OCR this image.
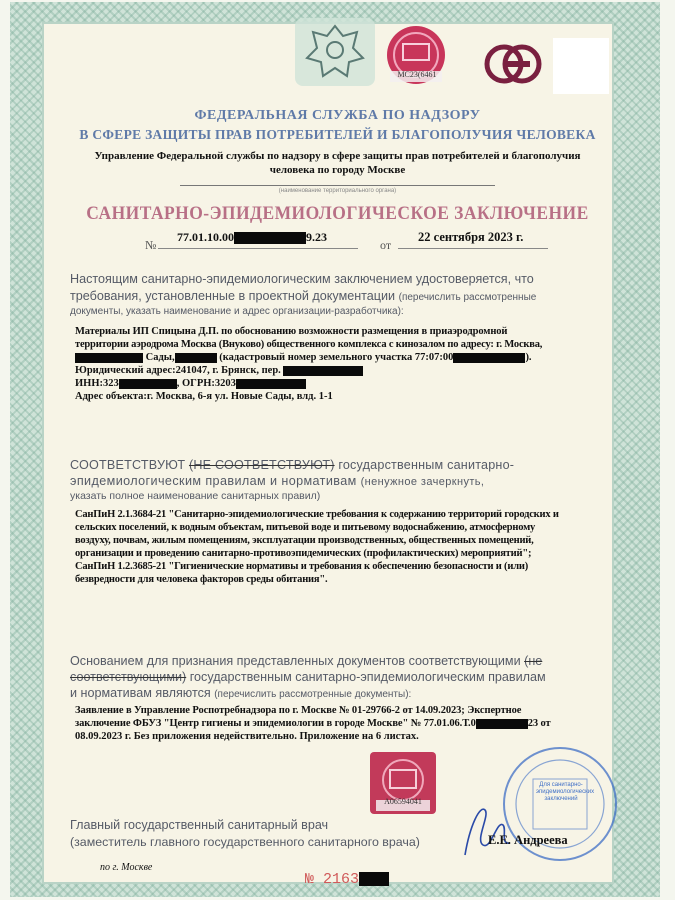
MC23(6461
ФЕДЕРАЛЬНАЯ СЛУЖБА ПО НАДЗОРУ
В СФЕРЕ ЗАЩИТЫ ПРАВ ПОТРЕБИТЕЛЕЙ И БЛАГОПОЛУЧИЯ ЧЕЛОВЕКА
Управление Федеральной службы по надзору в сфере защиты прав потребителей и благополучия
человека по городу Москве
(наименование территориального органа)
САНИТАРНО-ЭПИДЕМИОЛОГИЧЕСКОЕ ЗАКЛЮЧЕНИЕ
№
77.01.10.00	9.23
от
22 сентября 2023 г.
Настоящим санитарно-эпидемиологическим заключением удостоверяется, что
требования, установленные в проектной документации (перечислить рассмотренные
документы, указать наименование и адрес организации-разработчика):
Материалы ИП Спицына Д.П. по обоснованию возможности размещения в приаэродромной
территории аэродрома Москва (Внуково) общественного комплекса с кинозалом по адресу: г. Москва,
Сады,	(кадастровый номер земельного участка 77:07:00	).
Юридический адрес:241047, г. Брянск, пер.
ИНН:323	, ОГРН:3203
Адрес объекта:г. Москва, 6-я ул. Новые Сады, влд. 1-1
СООТВЕТСТВУЮТ (НЕ СООТВЕТСТВУЮТ) государственным санитарно-
эпидемиологическим правилам и нормативам (ненужное зачеркнуть,
указать полное наименование санитарных правил)
СанПиН 2.1.3684-21 "Санитарно-эпидемиологические требования к содержанию территорий городских и
сельских поселений, к водным объектам, питьевой воде и питьевому водоснабжению, атмосферному
воздуху, почвам, жилым помещениям, эксплуатации производственных, общественных помещений,
организации и проведению санитарно-противоэпидемических (профилактических) мероприятий";
СанПиН 1.2.3685-21 "Гигиенические нормативы и требования к обеспечению безопасности и (или)
безвредности для человека факторов среды обитания".
Основанием для признания представленных документов соответствующими (не
соответствующими) государственным санитарно-эпидемиологическим правилам
и нормативам являются (перечислить рассмотренные документы):
Заявление в Управление Роспотребнадзора по г. Москве № 01-29766-2 от 14.09.2023; Экспертное
заключение ФБУЗ "Центр гигиены и эпидемиологии в городе Москве" № 77.01.06.Т.0	23 от
08.09.2023 г. Без приложения недействительно. Приложение на 6 листах.
A06594041
Для санитарно-эпидемиологических заключений
Главный государственный санитарный врач
(заместитель главного государственного санитарного врача)	Е.Е. Андреева
по г. Москве
№ 2163
